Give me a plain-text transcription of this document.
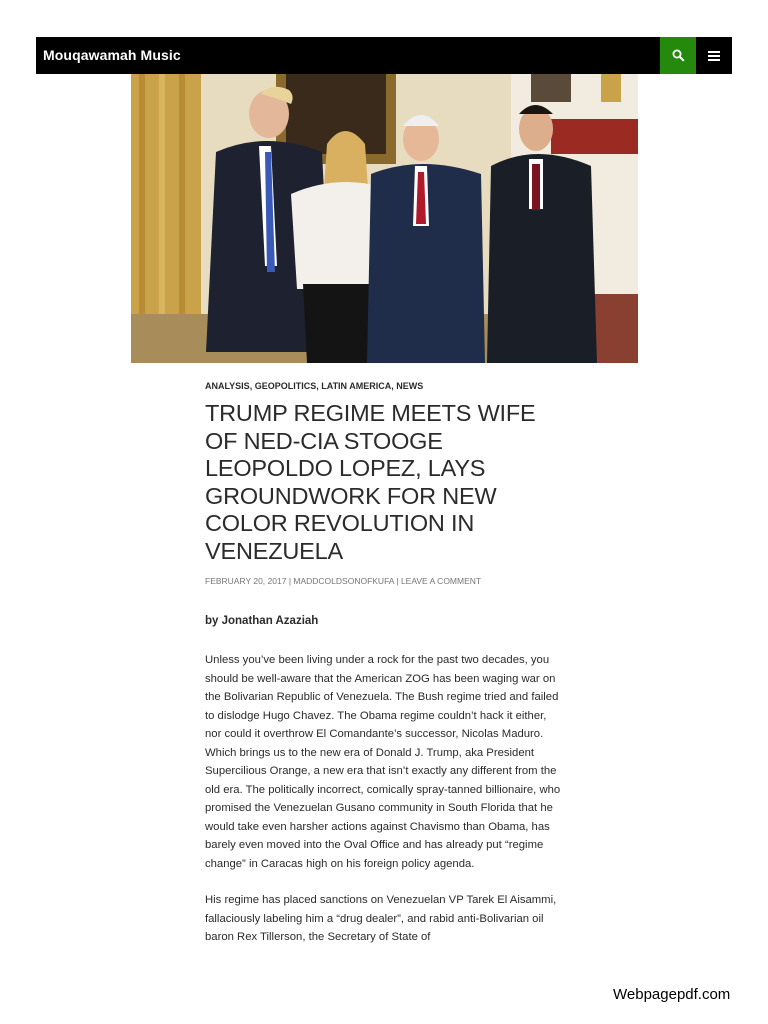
Mouqawamah Music
ANALYSIS, GEOPOLITICS, LATIN AMERICA, NEWS
TRUMP REGIME MEETS WIFE OF NED-CIA STOOGE LEOPOLDO LOPEZ, LAYS GROUNDWORK FOR NEW COLOR REVOLUTION IN VENEZUELA
FEBRUARY 20, 2017 | MADDCOLDSONOFKUFA | LEAVE A COMMENT
by Jonathan Azaziah

Unless you’ve been living under a rock for the past two decades, you should be well-aware that the American ZOG has been waging war on the Bolivarian Republic of Venezuela. The Bush regime tried and failed to dislodge Hugo Chavez. The Obama regime couldn’t hack it either, nor could it overthrow El Comandante’s successor, Nicolas Maduro. Which brings us to the new era of Donald J. Trump, aka President Supercilious Orange, a new era that isn’t exactly any different from the old era. The politically incorrect, comically spray-tanned billionaire, who promised the Venezuelan Gusano community in South Florida that he would take even harsher actions against Chavismo than Obama, has barely even moved into the Oval Office and has already put “regime change” in Caracas high on his foreign policy agenda.

His regime has placed sanctions on Venezuelan VP Tarek El Aisammi, fallaciously labeling him a “drug dealer”, and rabid anti-Bolivarian oil baron Rex Tillerson, the Secretary of State of

Webpagepdf.com
